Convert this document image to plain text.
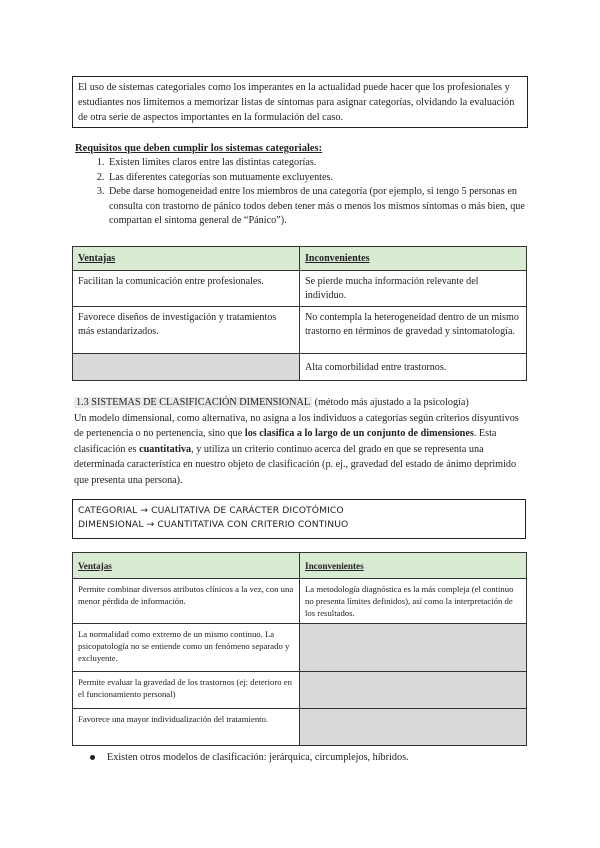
El uso de sistemas categoriales como los imperantes en la actualidad puede hacer que los profesionales y estudiantes nos limitemos a memorizar listas de síntomas para asignar categorías, olvidando la evaluación de otra serie de aspectos importantes en la formulación del caso.
Requisitos que deben cumplir los sistemas categoriales:
1. Existen límites claros entre las distintas categorías.
2. Las diferentes categorías son mutuamente excluyentes.
3. Debe darse homogeneidad entre los miembros de una categoría (por ejemplo, si tengo 5 personas en consulta con trastorno de pánico todos deben tener más o menos los mismos síntomas o más bien, que compartan el síntoma general de “Pánico”).
Ventajas	Inconvenientes
Facilitan la comunicación entre profesionales.	Se pierde mucha información relevante del individuo.
Favorece diseños de investigación y tratamientos más estandarizados.	No contempla la heterogeneidad dentro de un mismo trastorno en términos de gravedad y sintomatología.
	Alta comorbilidad entre trastornos.
1.3 SISTEMAS DE CLASIFICACIÓN DIMENSIONAL (método más ajustado a la psicología)
Un modelo dimensional, como alternativa, no asigna a los individuos a categorías según criterios disyuntivos de pertenencia o no pertenencia, sino que los clasifica a lo largo de un conjunto de dimensiones. Esta clasificación es cuantitativa, y utiliza un criterio continuo acerca del grado en que se representa una determinada característica en nuestro objeto de clasificación (p. ej., gravedad del estado de ánimo deprimido que presenta una persona).
CATEGORIAL → CUALITATIVA DE CARÁCTER DICOTÓMICO
DIMENSIONAL → CUANTITATIVA CON CRITERIO CONTINUO
Ventajas	Inconvenientes
Permite combinar diversos atributos clínicos a la vez, con una menor pérdida de información.	La metodología diagnóstica es la más compleja (el continuo no presenta límites definidos), así como la interpretación de los resultados.
La normalidad como extremo de un mismo continuo. La psicopatología no se entiende como un fenómeno separado y excluyente.	
Permite evaluar la gravedad de los trastornos (ej: deterioro en el funcionamiento personal)	
Favorece una mayor individualización del tratamiento.	
Existen otros modelos de clasificación: jerárquica, circumplejos, híbridos.
